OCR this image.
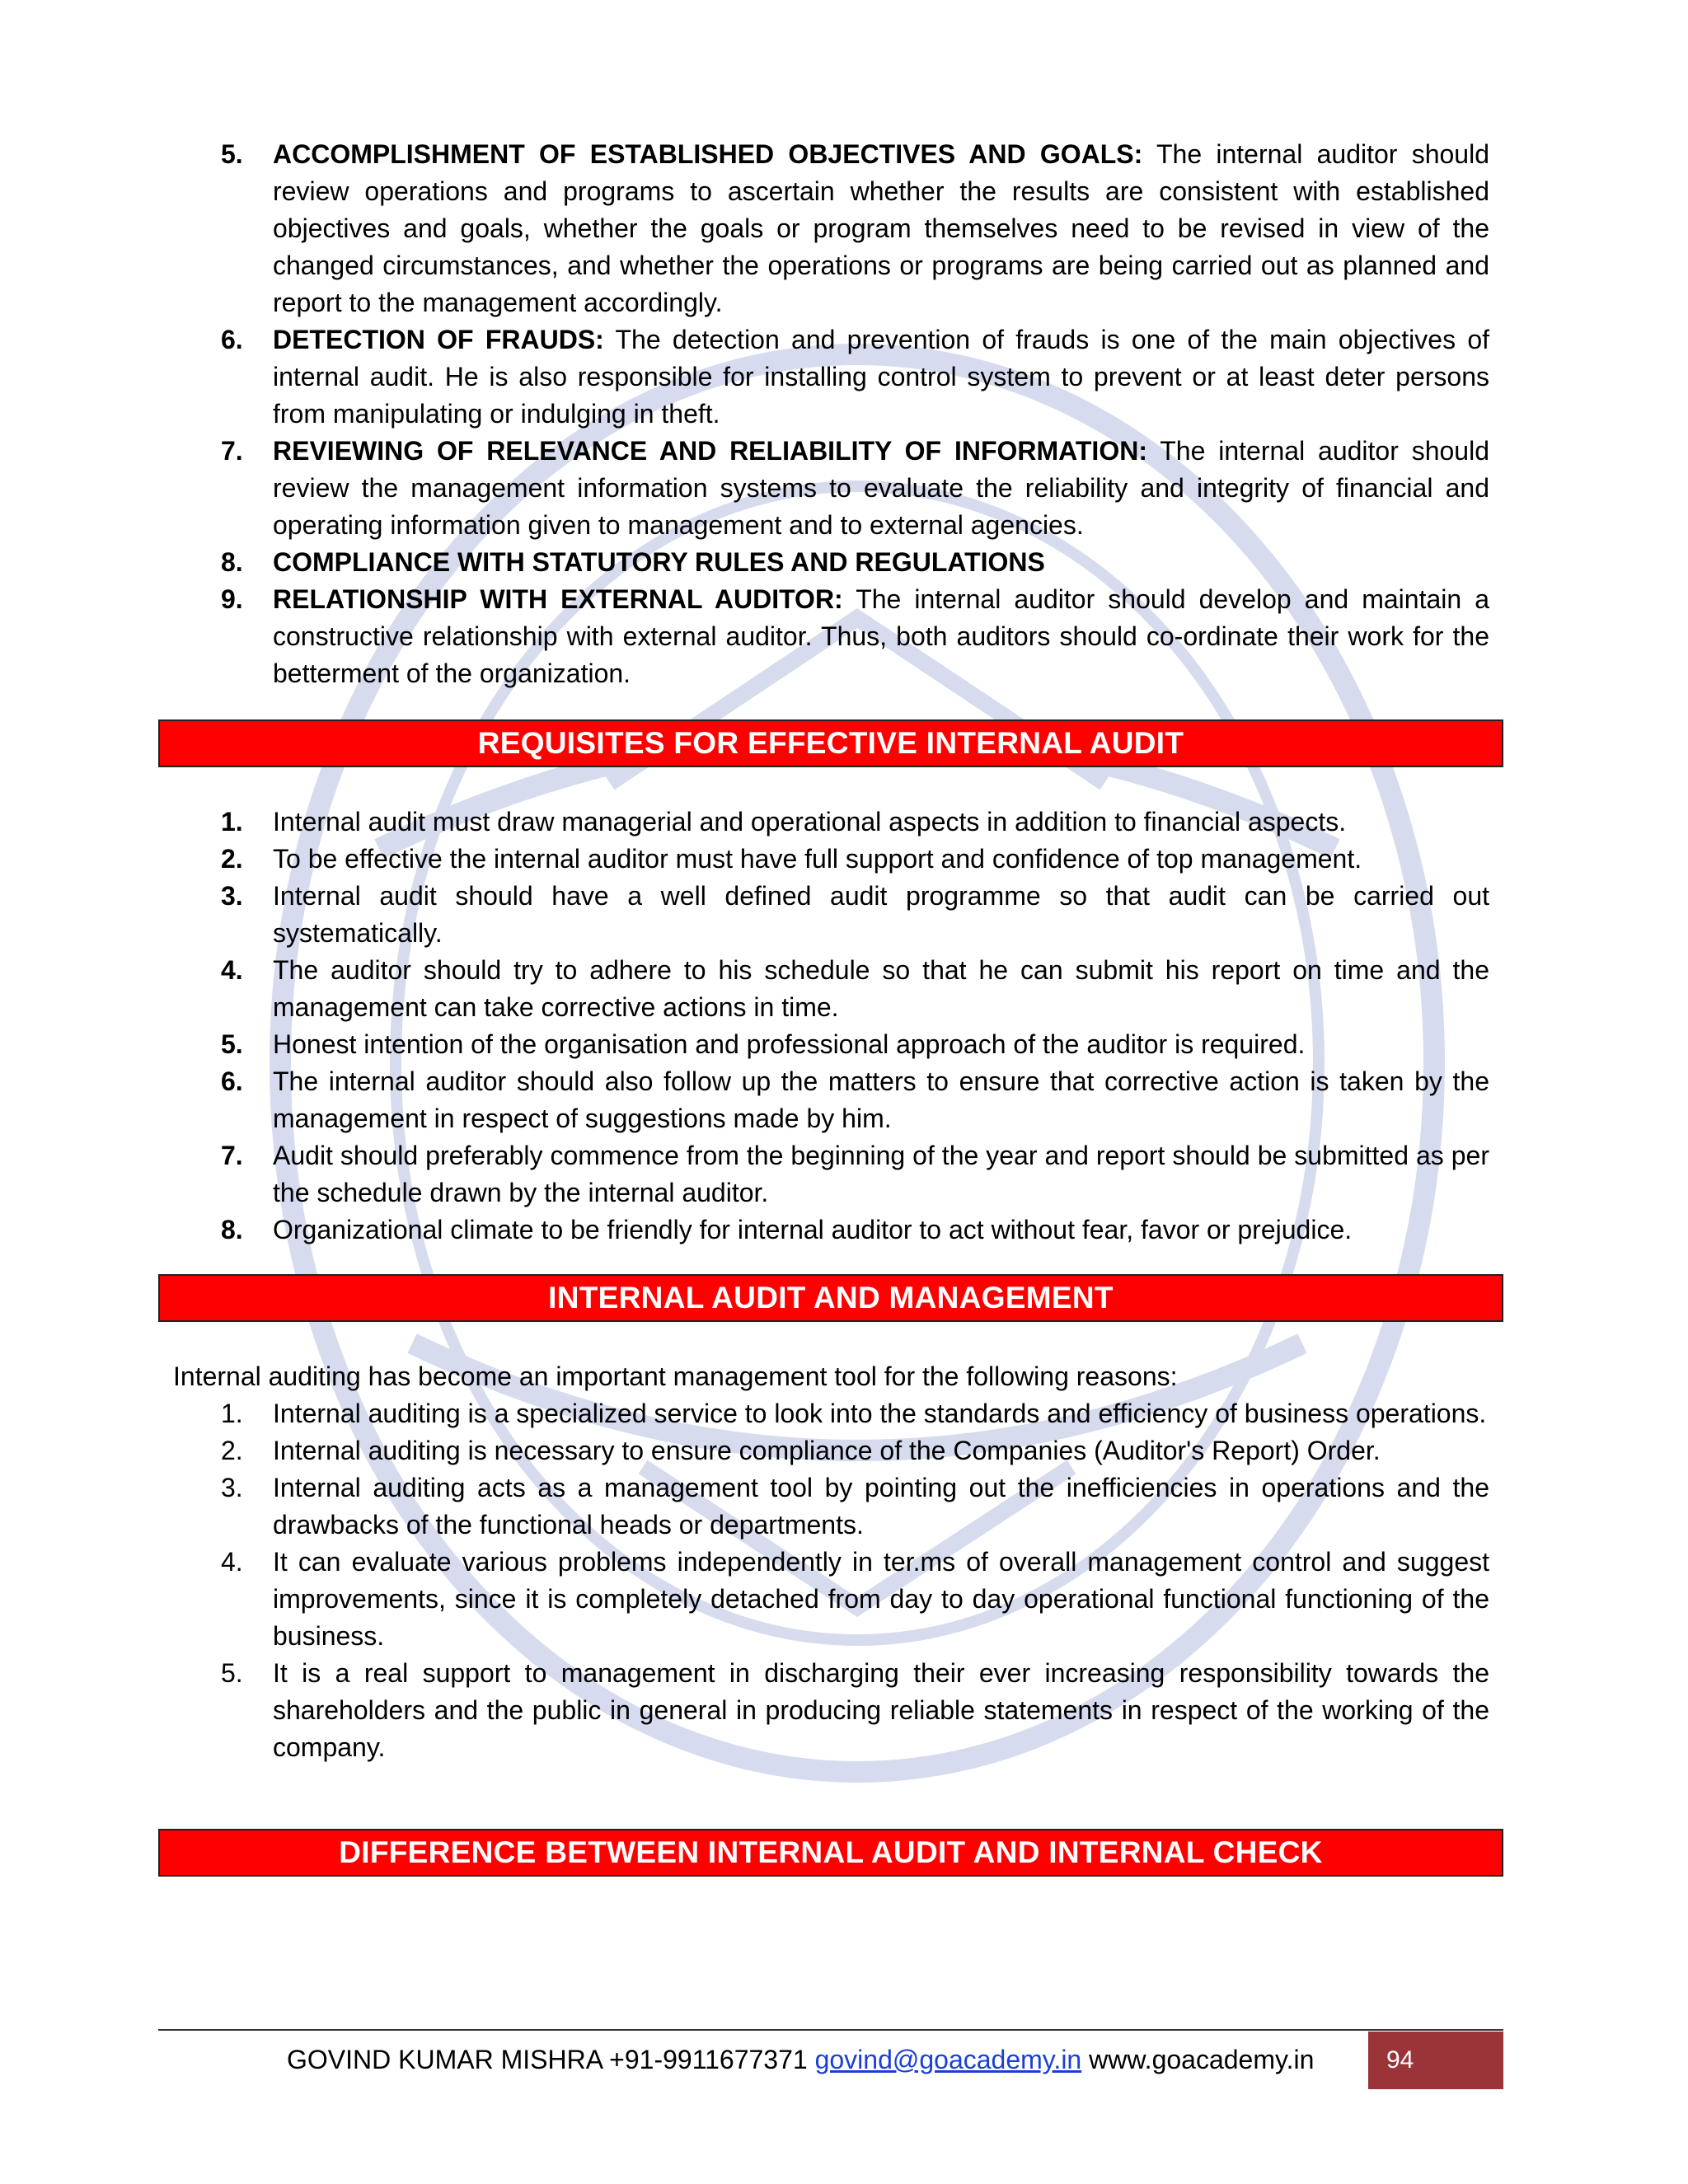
5.	ACCOMPLISHMENT OF ESTABLISHED OBJECTIVES AND GOALS: The internal auditor should review operations and programs to ascertain whether the results are consistent with established objectives and goals, whether the goals or program themselves need to be revised in view of the changed circumstances, and whether the operations or programs are being carried out as planned and report to the management accordingly.
6.	DETECTION OF FRAUDS: The detection and prevention of frauds is one of the main objectives of internal audit. He is also responsible for installing control system to prevent or at least deter persons from manipulating or indulging in theft.
7.	REVIEWING OF RELEVANCE AND RELIABILITY OF INFORMATION: The internal auditor should review the management information systems to evaluate the reliability and integrity of financial and operating information given to management and to external agencies.
8.	COMPLIANCE WITH STATUTORY RULES AND REGULATIONS
9.	RELATIONSHIP WITH EXTERNAL AUDITOR: The internal auditor should develop and maintain a constructive relationship with external auditor. Thus, both auditors should co-ordinate their work for the betterment of the organization.
REQUISITES FOR EFFECTIVE INTERNAL AUDIT
1.	Internal audit must draw managerial and operational aspects in addition to financial aspects.
2.	To be effective the internal auditor must have full support and confidence of top management.
3.	Internal audit should have a well defined audit programme so that audit can be carried out systematically.
4.	The auditor should try to adhere to his schedule so that he can submit his report on time and the management can take corrective actions in time.
5.	Honest intention of the organisation and professional approach of the auditor is required.
6.	The internal auditor should also follow up the matters to ensure that corrective action is taken by the management in respect of suggestions made by him.
7.	Audit should preferably commence from the beginning of the year and report should be submitted as per the schedule drawn by the internal auditor.
8.	Organizational climate to be friendly for internal auditor to act without fear, favor or prejudice.
INTERNAL AUDIT AND MANAGEMENT
Internal auditing has become an important management tool for the following reasons:
1.	Internal auditing is a specialized service to look into the standards and efficiency of business operations.
2.	Internal auditing is necessary to ensure compliance of the Companies (Auditor's Report) Order.
3.	Internal auditing acts as a management tool by pointing out the inefficiencies in operations and the drawbacks of the functional heads or departments.
4.	It can evaluate various problems independently in ter.ms of overall management control and suggest improvements, since it is completely detached from day to day operational functional functioning of the business.
5.	It is a real support to management in discharging their ever increasing responsibility towards the shareholders and the public in general in producing reliable statements in respect of the working of the company.
DIFFERENCE BETWEEN INTERNAL AUDIT AND INTERNAL CHECK
GOVIND KUMAR MISHRA +91-9911677371 govind@goacademy.in www.goacademy.in	94
